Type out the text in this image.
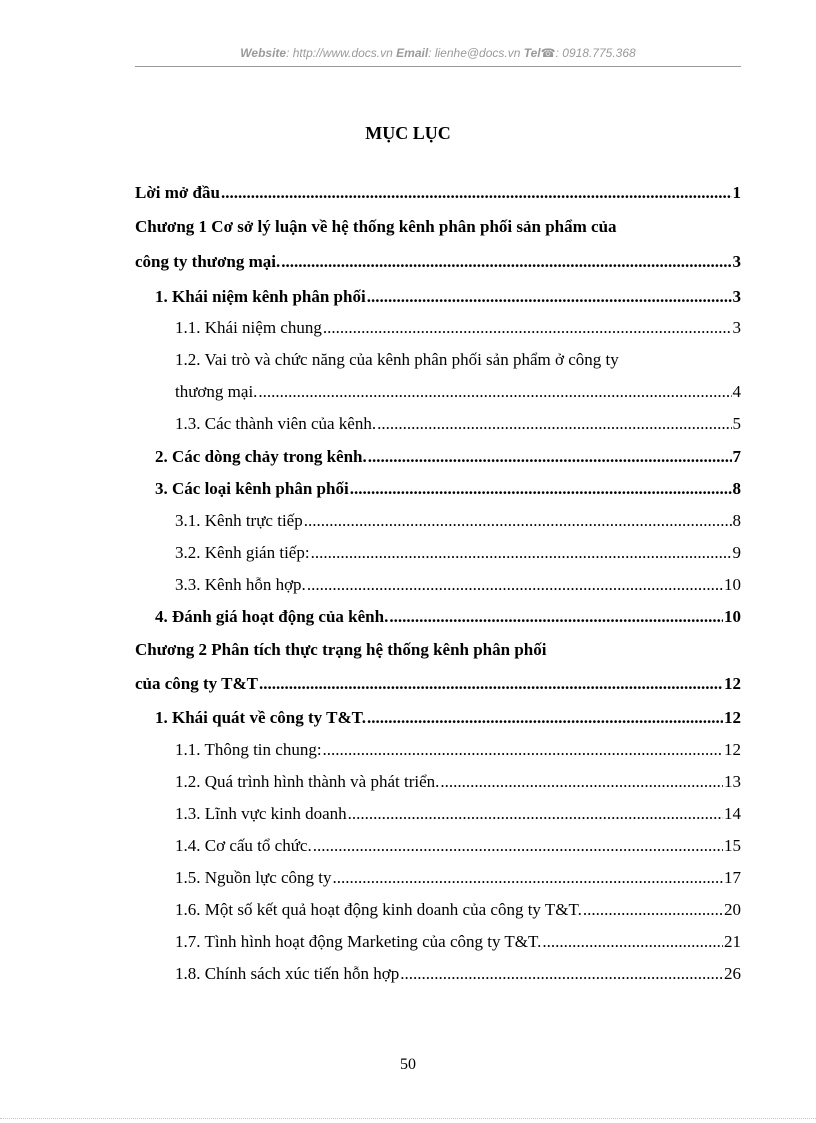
Website: http://www.docs.vn Email: lienhe@docs.vn Tel☎: 0918.775.368
MỤC LỤC
Lời mở đầu .....	1
Chương 1 Cơ sở lý luận về hệ thống kênh phân phối sản phẩm của
công ty thương mại. .....	3
1. Khái niệm kênh phân phối .....	3
1.1. Khái niệm chung .....	3
1.2. Vai trò và chức năng của kênh phân phối sản phẩm ở công ty
thương mại. .....	4
1.3. Các thành viên của kênh. .....	5
2. Các dòng chảy trong kênh. .....	7
3. Các loại kênh phân phối .....	8
3.1. Kênh trực tiếp .....	8
3.2. Kênh gián tiếp: .....	9
3.3. Kênh hỗn hợp. .....	10
4. Đánh giá hoạt động của kênh. .....	10
Chương 2 Phân tích thực trạng hệ thống kênh phân phối
của công ty T&T .....	12
1. Khái quát về công ty T&T. .....	12
1.1. Thông tin chung: .....	12
1.2. Quá trình hình thành và phát triển. .....	13
1.3. Lĩnh vực kinh doanh .....	14
1.4. Cơ cấu tổ chức. .....	15
1.5. Nguồn lực công ty .....	17
1.6. Một số kết quả hoạt động kinh doanh của công ty T&T. .....	20
1.7. Tình hình hoạt động Marketing của công ty T&T. .....	21
1.8. Chính sách xúc tiến hỗn hợp .....	26
50
